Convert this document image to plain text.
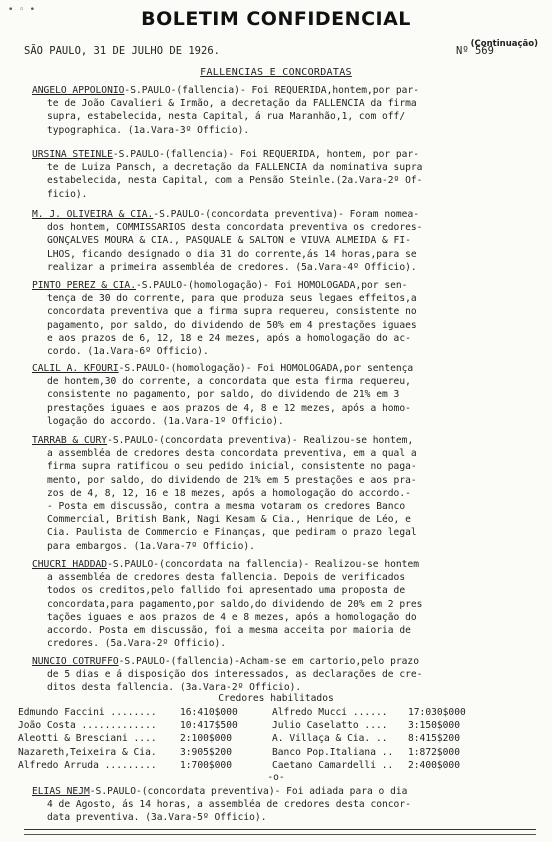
• ◦ •	BOLETIM CONFIDENCIAL
(Continuação)
SÃO PAULO, 31 DE JULHO DE 1926.	Nº 569
FALLENCIAS E CONCORDATAS

ANGELO APPOLONIO-S.PAULO-(fallencia)- Foi REQUERIDA,hontem,por par-

te de João Cavalieri & Irmão, a decretação da FALLENCIA da firma

supra, estabelecida, nesta Capital, á rua Maranhão,1, com off/

typographica. (1a.Vara-3º Officio).

URSINA STEINLE-S.PAULO-(fallencia)- Foi REQUERIDA, hontem, por par-

te de Luiza Pansch, a decretação da FALLENCIA da nominativa supra

estabelecida, nesta Capital, com a Pensão Steinle.(2a.Vara-2º Of-

ficio).

M. J. OLIVEIRA & CIA.-S.PAULO-(concordata preventiva)- Foram nomea-

dos hontem, COMMISSARIOS desta concordata preventiva os credores-

GONÇALVES MOURA & CIA., PASQUALE & SALTON e VIUVA ALMEIDA & FI-

LHOS, ficando designado o dia 31 do corrente,ás 14 horas,para se

realizar a primeira assembléa de credores. (5a.Vara-4º Officio).

PINTO PEREZ & CIA.-S.PAULO-(homologação)- Foi HOMOLOGADA,por sen-

tença de 30 do corrente, para que produza seus legaes effeitos,a

concordata preventiva que a firma supra requereu, consistente no

pagamento, por saldo, do dividendo de 50% em 4 prestações iguaes

e aos prazos de 6, 12, 18 e 24 mezes, após a homologação do ac-

cordo. (1a.Vara-6º Officio).

CALIL A. KFOURI-S.PAULO-(homologação)- Foi HOMOLOGADA,por sentença

de hontem,30 do corrente, a concordata que esta firma requereu,

consistente no pagamento, por saldo, do dividendo de 21% em 3

prestações iguaes e aos prazos de 4, 8 e 12 mezes, após a homo-

logação do accordo. (1a.Vara-1º Officio).

TARRAB & CURY-S.PAULO-(concordata preventiva)- Realizou-se hontem,

a assembléa de credores desta concordata preventiva, em a qual a

firma supra ratificou o seu pedido inicial, consistente no paga-

mento, por saldo, do dividendo de 21% em 5 prestações e aos pra-

zos de 4, 8, 12, 16 e 18 mezes, após a homologação do accordo.-

- Posta em discussão, contra a mesma votaram os credores Banco

Commercial, British Bank, Nagi Kesam & Cia., Henrique de Léo, e

Cia. Paulista de Commercio e Finanças, que pediram o prazo legal

para embargos. (1a.Vara-7º Officio).

CHUCRI HADDAD-S.PAULO-(concordata na fallencia)- Realizou-se hontem

a assembléa de credores desta fallencia. Depois de verificados

todos os creditos,pelo fallido foi apresentado uma proposta de

concordata,para pagamento,por saldo,do dividendo de 20% em 2 pres

tações iguaes e aos prazos de 4 e 8 mezes, após a homologação do

accordo. Posta em discussão, foi a mesma acceita por maioria de

credores. (5a.Vara-2º Officio).

NUNCIO COTRUFFO-S.PAULO-(fallencia)-Acham-se em cartorio,pelo prazo

de 5 dias e á disposição dos interessados, as declarações de cre-

ditos desta fallencia. (3a.Vara-2º Officio).

Credores habilitados
Edmundo Faccini ........ 16:410$000	Alfredo Mucci ...... 17:030$000
João Costa ............. 10:417$500	Julio Caselatto .... 3:150$000
Aleotti & Bresciani .... 2:100$000	A. Villaça & Cia. .. 8:415$200
Nazareth,Teixeira & Cia. 3:905$200	Banco Pop.Italiana .. 1:872$000
Alfredo Arruda ......... 1:700$000	Caetano Camardelli .. 2:400$000
-o-

ELIAS NEJM-S.PAULO-(concordata preventiva)- Foi adiada para o dia

4 de Agosto, ás 14 horas, a assembléa de credores desta concor-

data preventiva. (3a.Vara-5º Officio).
